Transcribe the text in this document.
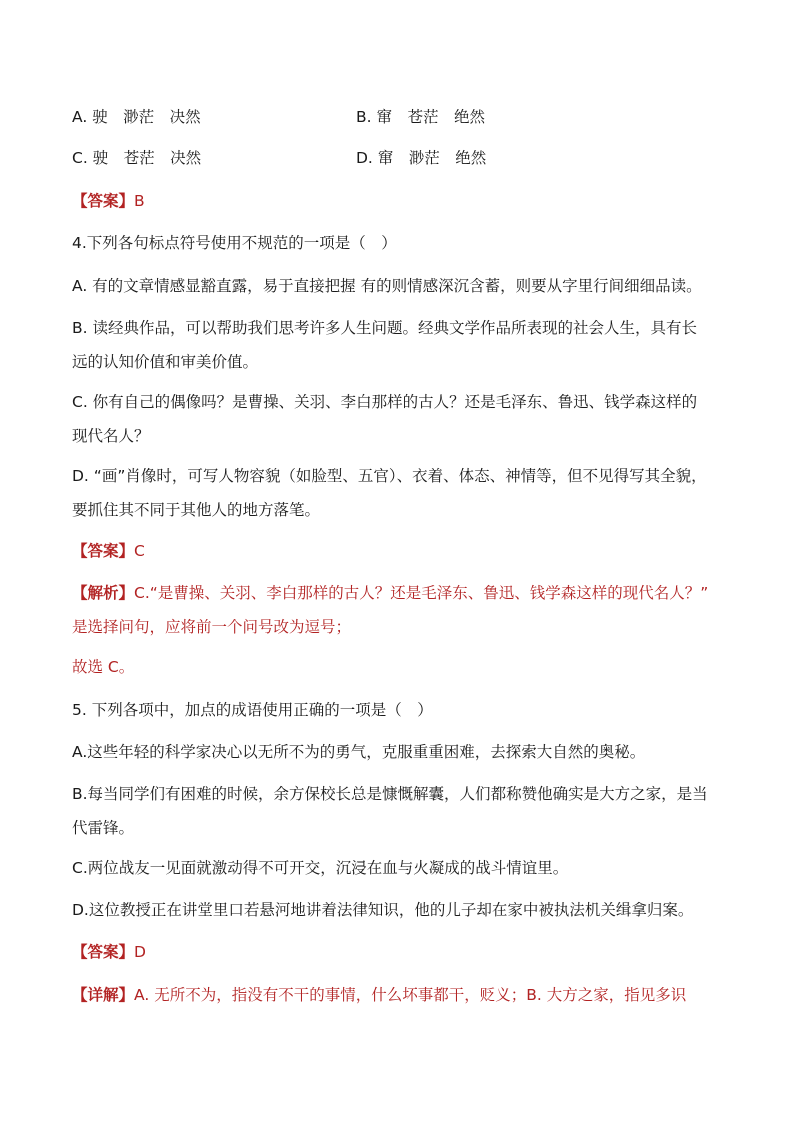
A. 驶　渺茫　决然	B. 窜　苍茫　绝然
C. 驶　苍茫　决然	D. 窜　渺茫　绝然
【答案】B
4.下列各句标点符号使用不规范的一项是（　）
A. 有的文章情感显豁直露，易于直接把握 有的则情感深沉含蓄，则要从字里行间细细品读。
B. 读经典作品，可以帮助我们思考许多人生问题。经典文学作品所表现的社会人生，具有长
远的认知价值和审美价值。
C. 你有自己的偶像吗？是曹操、关羽、李白那样的古人？还是毛泽东、鲁迅、钱学森这样的
现代名人？
D. “画”肖像时，可写人物容貌（如脸型、五官）、衣着、体态、神情等，但不见得写其全貌，
要抓住其不同于其他人的地方落笔。
【答案】C
【解析】C.“是曹操、关羽、李白那样的古人？还是毛泽东、鲁迅、钱学森这样的现代名人？”
是选择问句，应将前一个问号改为逗号；
故选 C。
5. 下列各项中，加点的成语使用正确的一项是（　）
A.这些年轻的科学家决心以无所不为的勇气，克服重重困难，去探索大自然的奥秘。
B.每当同学们有困难的时候，余方保校长总是慷慨解囊，人们都称赞他确实是大方之家，是当
代雷锋。
C.两位战友一见面就激动得不可开交，沉浸在血与火凝成的战斗情谊里。
D.这位教授正在讲堂里口若悬河地讲着法律知识，他的儿子却在家中被执法机关缉拿归案。
【答案】D
【详解】A. 无所不为，指没有不干的事情，什么坏事都干，贬义；B. 大方之家，指见多识
